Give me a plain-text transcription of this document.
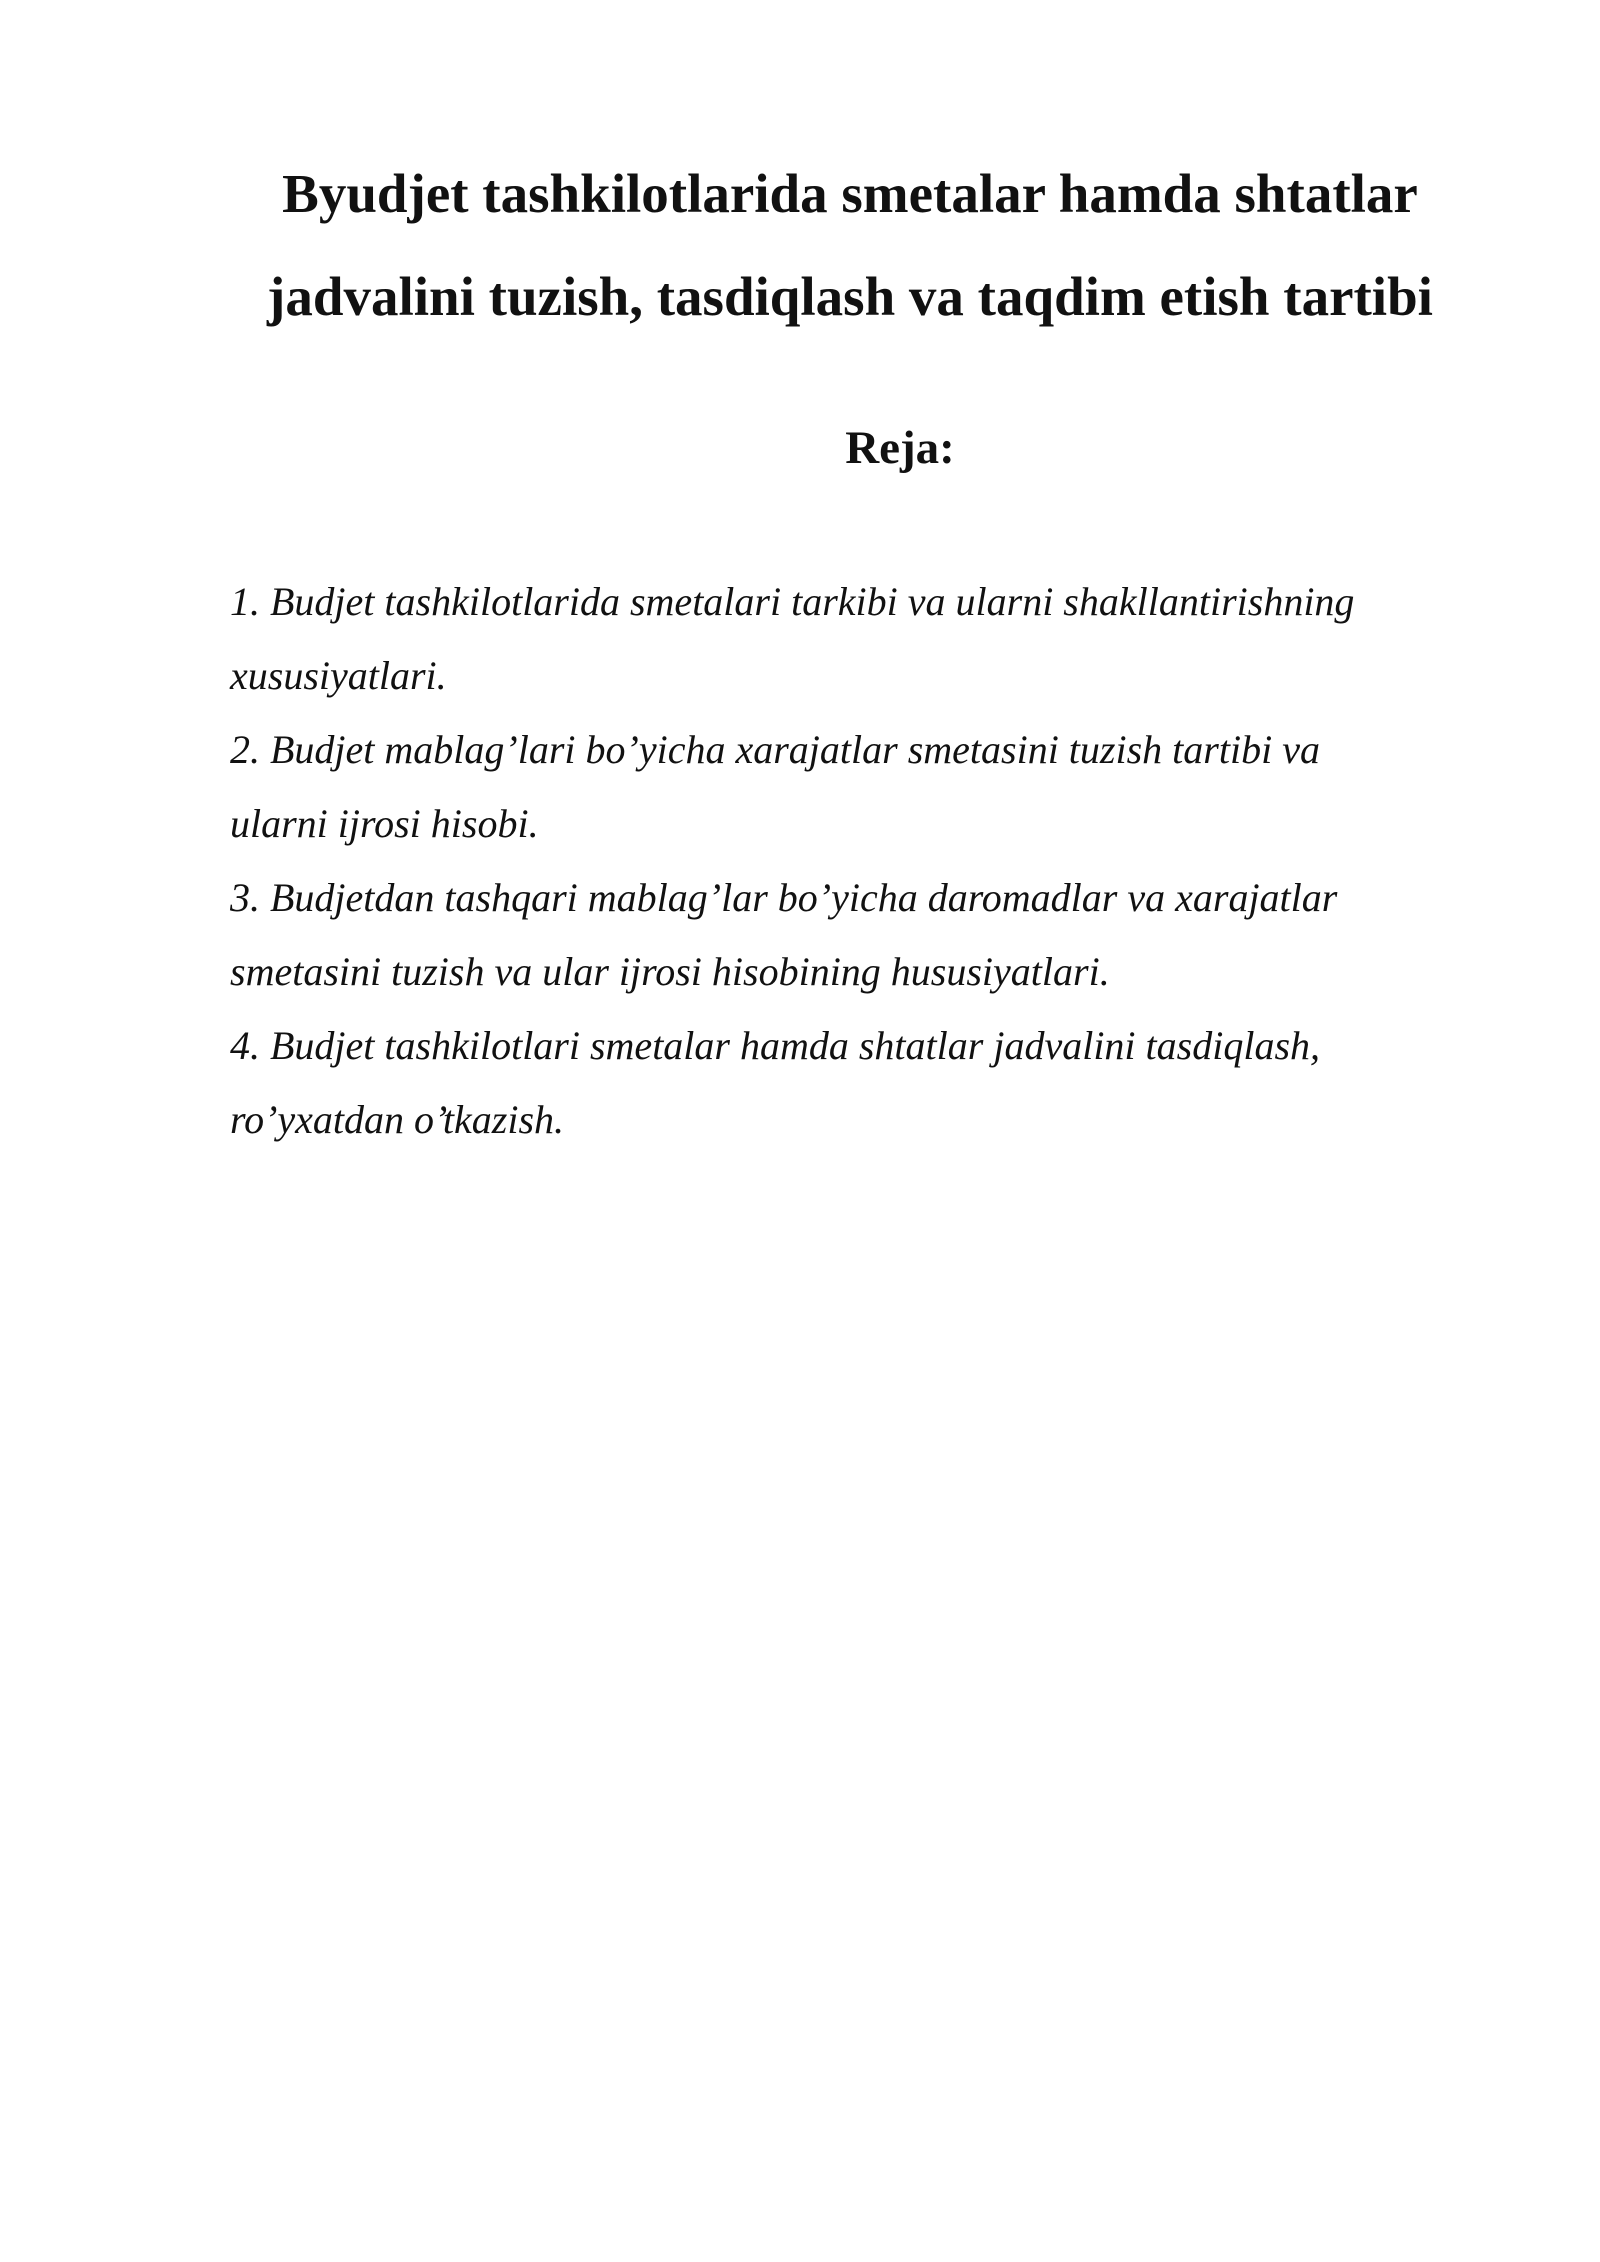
Byudjet tashkilotlarida smetalar hamda shtatlar
jadvalini tuzish, tasdiqlash va taqdim etish tartibi
Reja:
1. Budjet tashkilotlarida smetalari tarkibi va ularni shakllantirishning
xususiyatlari.
2. Budjet mablag’lari bo’yicha xarajatlar smetasini tuzish tartibi va
ularni ijrosi hisobi.
3. Budjetdan tashqari mablag’lar bo’yicha daromadlar va xarajatlar
smetasini tuzish va ular ijrosi hisobining hususiyatlari.
4. Budjet tashkilotlari smetalar hamda shtatlar jadvalini tasdiqlash,
ro’yxatdan o’tkazish.
